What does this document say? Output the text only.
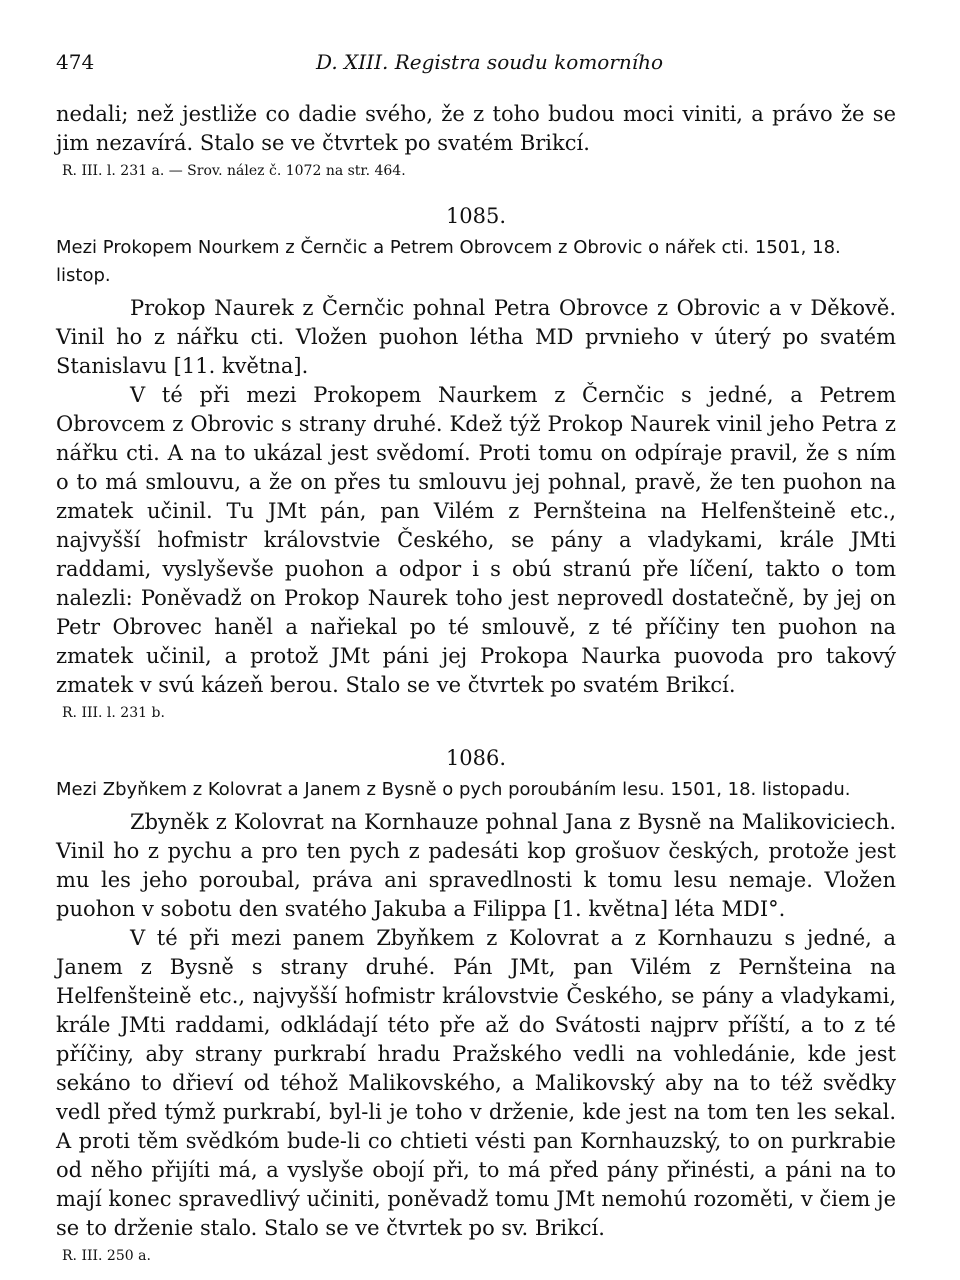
474	D. XIII. Registra soudu komorního

nedali; než jestliže co dadie svého, že z toho budou moci viniti, a právo že se jim nezavírá. Stalo se ve čtvrtek po svatém Brikcí.

R. III. l. 231 a. — Srov. nález č. 1072 na str. 464.
1085.
Mezi Prokopem Nourkem z Černčic a Petrem Obrovcem z Obrovic o nářek cti. 1501, 18. listop.

Prokop Naurek z Černčic pohnal Petra Obrovce z Obrovic a v Děkově. Vinil ho z nářku cti. Vložen puohon létha MD prvnieho v úterý po svatém Stanislavu [11. května].

V té při mezi Prokopem Naurkem z Černčic s jedné, a Petrem Obrovcem z Obrovic s strany druhé. Kdež týž Prokop Naurek vinil jeho Petra z nářku cti. A na to ukázal jest svědomí. Proti tomu on odpíraje pravil, že s ním o to má smlouvu, a že on přes tu smlouvu jej pohnal, pravě, že ten puohon na zmatek učinil. Tu JMt pán, pan Vilém z Pernšteina na Helfenšteině etc., najvyšší hofmistr královstvie Českého, se pány a vladykami, krále JMti raddami, vyslyševše puohon a odpor i s obú stranú pře líčení, takto o tom nalezli: Poněvadž on Prokop Naurek toho jest neprovedl dostatečně, by jej on Petr Obrovec haněl a nařiekal po té smlouvě, z té příčiny ten puohon na zmatek učinil, a protož JMt páni jej Prokopa Naurka puovoda pro takový zmatek v svú kázeň berou. Stalo se ve čtvrtek po svatém Brikcí.

R. III. l. 231 b.
1086.
Mezi Zbyňkem z Kolovrat a Janem z Bysně o pych poroubáním lesu. 1501, 18. listopadu.

Zbyněk z Kolovrat na Kornhauze pohnal Jana z Bysně na Malikoviciech. Vinil ho z pychu a pro ten pych z padesáti kop grošuov českých, protože jest mu les jeho poroubal, práva ani spravedlnosti k tomu lesu nemaje. Vložen puohon v sobotu den svatého Jakuba a Filippa [1. května] léta MDI°.

V té při mezi panem Zbyňkem z Kolovrat a z Kornhauzu s jedné, a Janem z Bysně s strany druhé. Pán JMt, pan Vilém z Pernšteina na Helfenšteině etc., najvyšší hofmistr královstvie Českého, se pány a vladykami, krále JMti raddami, odkládají této pře až do Svátosti najprv příští, a to z té příčiny, aby strany purkrabí hradu Pražského vedli na vohledánie, kde jest sekáno to dřieví od téhož Malikovského, a Malikovský aby na to též svědky vedl před týmž purkrabí, byl-li je toho v drženie, kde jest na tom ten les sekal. A proti těm svědkóm bude-li co chtieti vésti pan Kornhauzský, to on purkrabie od něho přijíti má, a vyslyše obojí při, to má před pány přinésti, a páni na to mají konec spravedlivý učiniti, poněvadž tomu JMt nemohú rozoměti, v čiem je se to drženie stalo. Stalo se ve čtvrtek po sv. Brikcí.

R. III. 250 a.
